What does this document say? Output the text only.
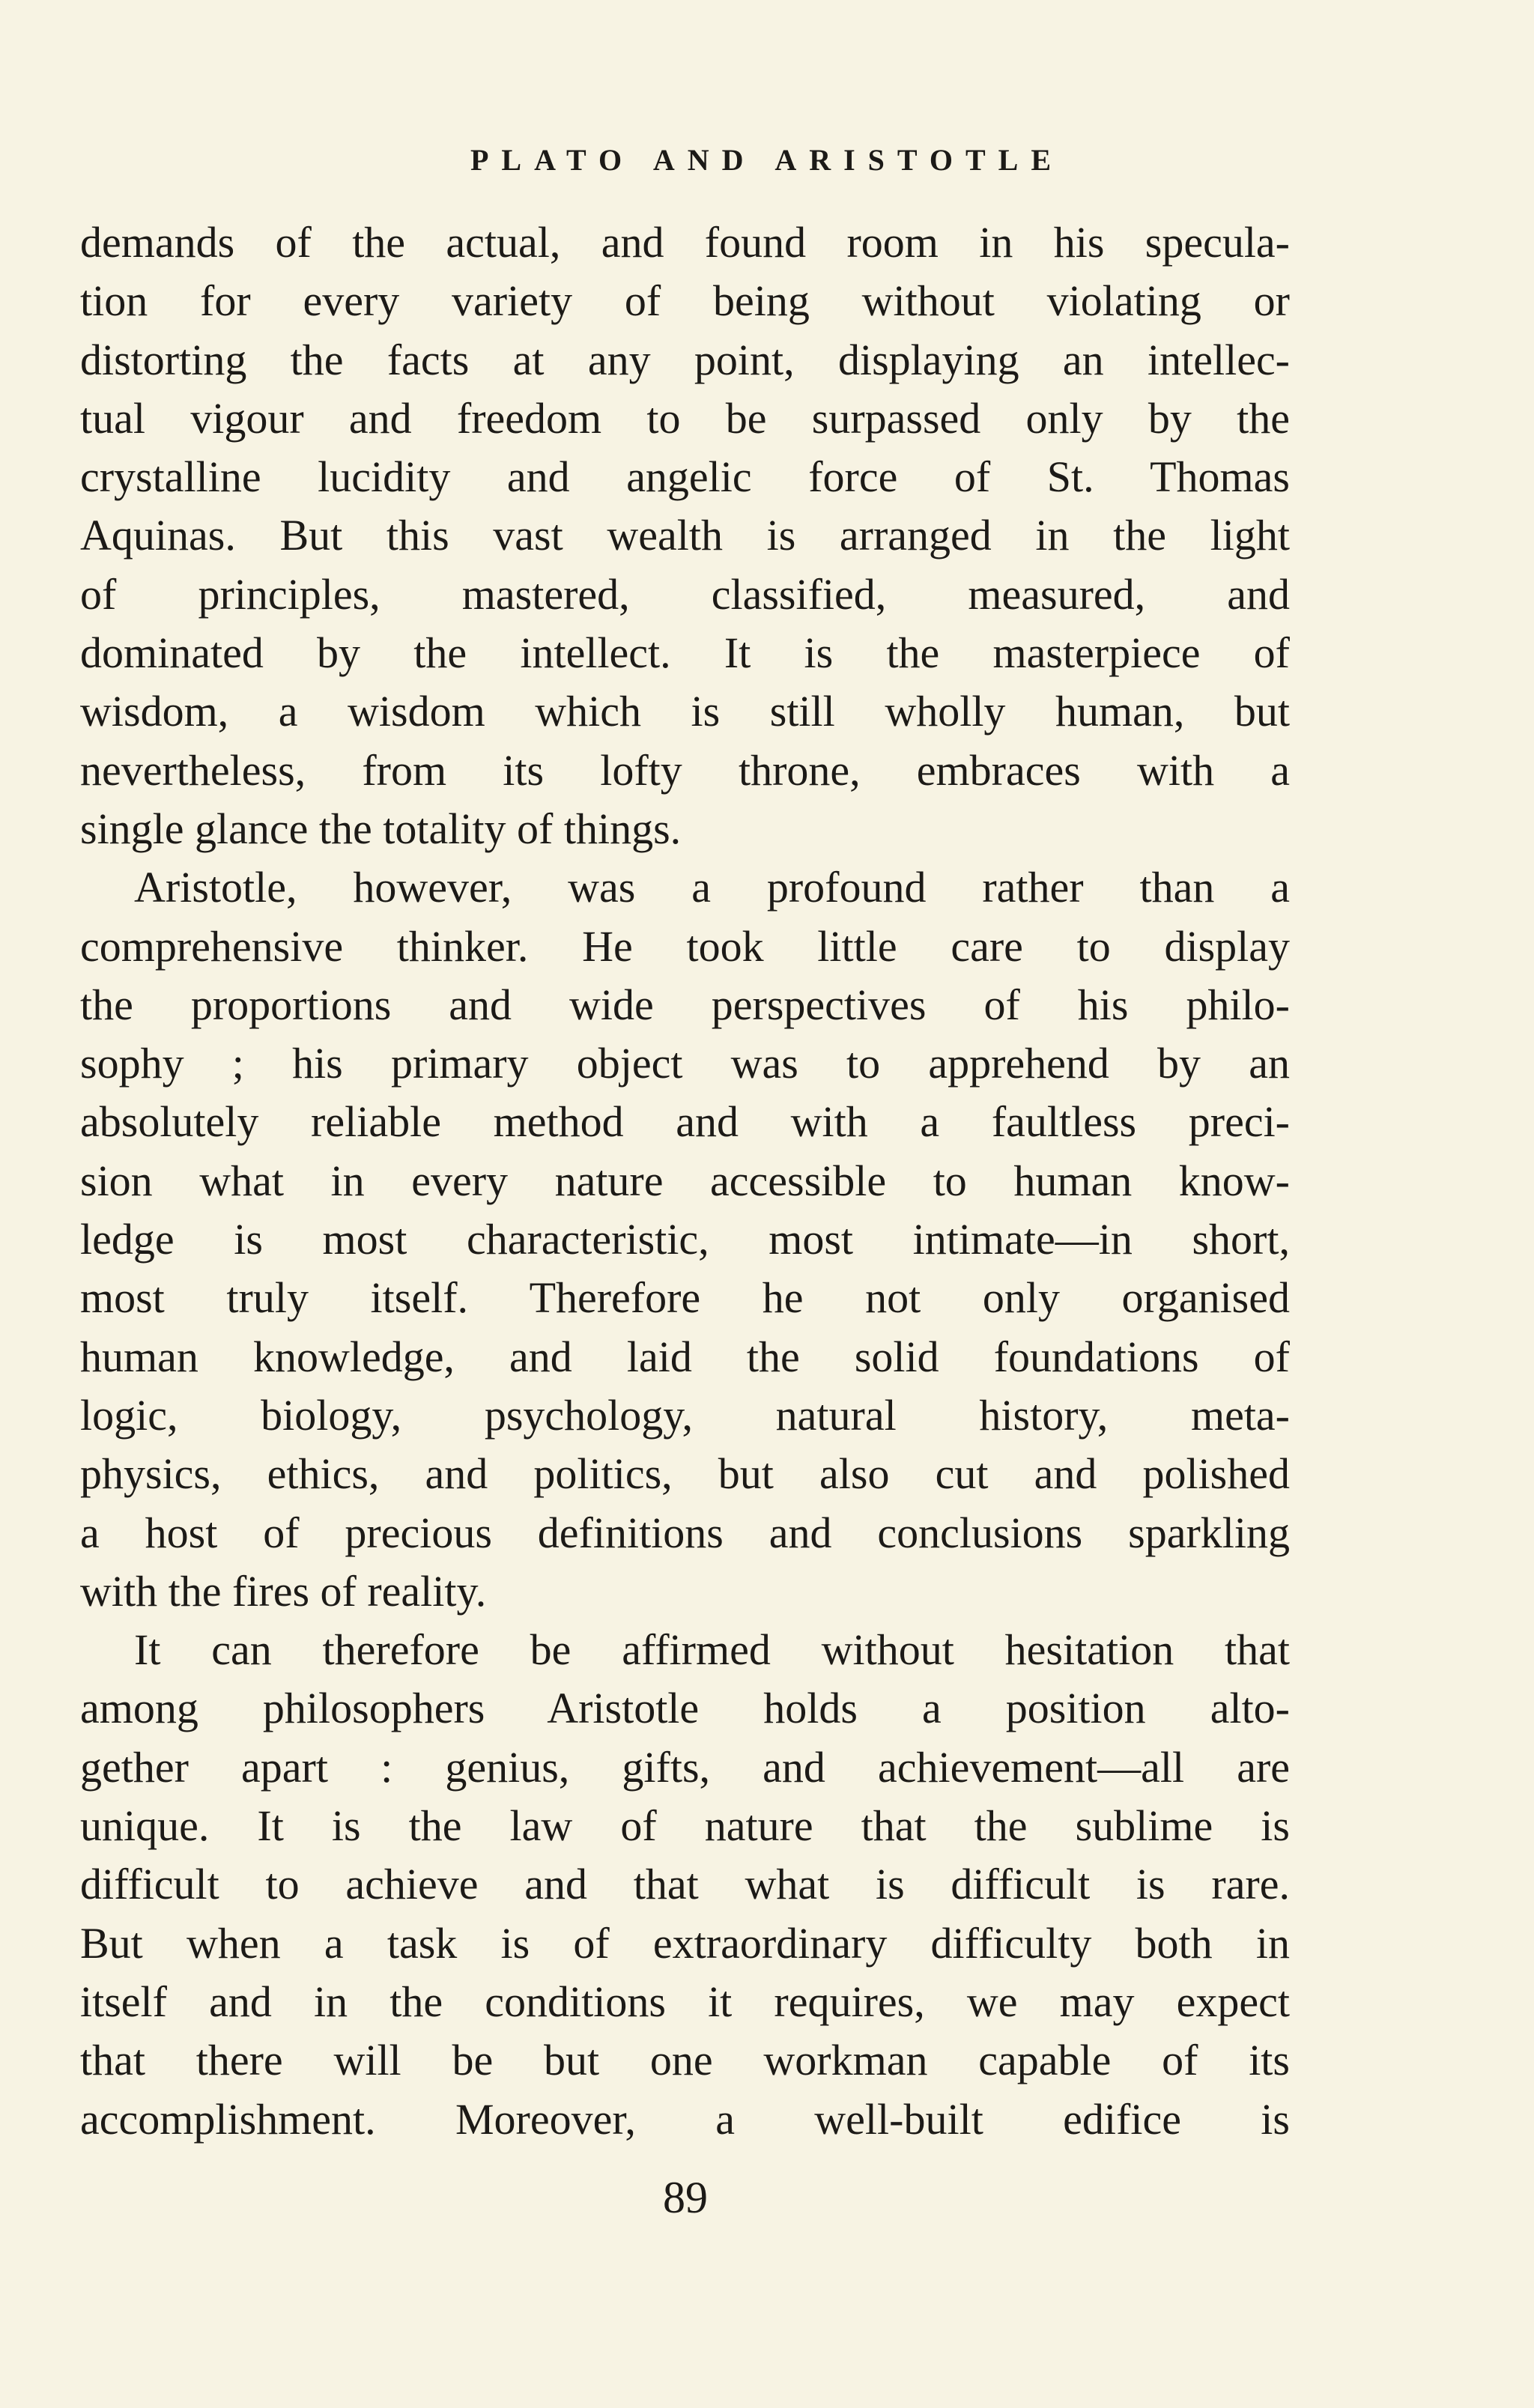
PLATO AND ARISTOTLE
demands of the actual, and found room in his specula-
tion for every variety of being without violating or
distorting the facts at any point, displaying an intellec-
tual vigour and freedom to be surpassed only by the
crystalline lucidity and angelic force of St. Thomas
Aquinas. But this vast wealth is arranged in the light
of principles, mastered, classified, measured, and
dominated by the intellect. It is the masterpiece of
wisdom, a wisdom which is still wholly human, but
nevertheless, from its lofty throne, embraces with a
single glance the totality of things.
Aristotle, however, was a profound rather than a
comprehensive thinker. He took little care to display
the proportions and wide perspectives of his philo-
sophy ; his primary object was to apprehend by an
absolutely reliable method and with a faultless preci-
sion what in every nature accessible to human know-
ledge is most characteristic, most intimate—in short,
most truly itself. Therefore he not only organised
human knowledge, and laid the solid foundations of
logic, biology, psychology, natural history, meta-
physics, ethics, and politics, but also cut and polished
a host of precious definitions and conclusions sparkling
with the fires of reality.
It can therefore be affirmed without hesitation that
among philosophers Aristotle holds a position alto-
gether apart : genius, gifts, and achievement—all are
unique. It is the law of nature that the sublime is
difficult to achieve and that what is difficult is rare.
But when a task is of extraordinary difficulty both in
itself and in the conditions it requires, we may expect
that there will be but one workman capable of its
accomplishment. Moreover, a well-built edifice is
89
